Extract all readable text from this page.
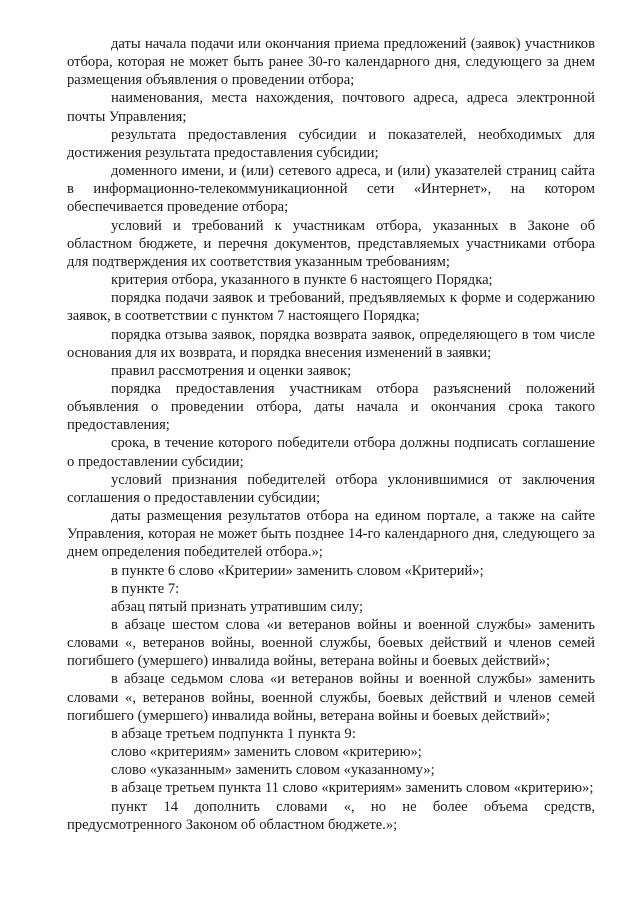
даты начала подачи или окончания приема предложений (заявок) участников отбора, которая не может быть ранее 30-го календарного дня, следующего за днем размещения объявления о проведении отбора;

наименования, места нахождения, почтового адреса, адреса электронной почты Управления;

результата предоставления субсидии и показателей, необходимых для достижения результата предоставления субсидии;

доменного имени, и (или) сетевого адреса, и (или) указателей страниц сайта в информационно-телекоммуникационной сети «Интернет», на котором обеспечивается проведение отбора;

условий и требований к участникам отбора, указанных в Законе об областном бюджете, и перечня документов, представляемых участниками отбора для подтверждения их соответствия указанным требованиям;

критерия отбора, указанного в пункте 6 настоящего Порядка;

порядка подачи заявок и требований, предъявляемых к форме и содержанию заявок, в соответствии с пунктом 7 настоящего Порядка;

порядка отзыва заявок, порядка возврата заявок, определяющего в том числе основания для их возврата, и порядка внесения изменений в заявки;

правил рассмотрения и оценки заявок;

порядка предоставления участникам отбора разъяснений положений объявления о проведении отбора, даты начала и окончания срока такого предоставления;

срока, в течение которого победители отбора должны подписать соглашение о предоставлении субсидии;

условий признания победителей отбора уклонившимися от заключения соглашения о предоставлении субсидии;

даты размещения результатов отбора на едином портале, а также на сайте Управления, которая не может быть позднее 14-го календарного дня, следующего за днем определения победителей отбора.»;

в пункте 6 слово «Критерии» заменить словом «Критерий»;

в пункте 7:

абзац пятый признать утратившим силу;

в абзаце шестом слова «и ветеранов войны и военной службы» заменить словами «, ветеранов войны, военной службы, боевых действий и членов семей погибшего (умершего) инвалида войны, ветерана войны и боевых действий»;

в абзаце седьмом слова «и ветеранов войны и военной службы» заменить словами «, ветеранов войны, военной службы, боевых действий и членов семей погибшего (умершего) инвалида войны, ветерана войны и боевых действий»;

в абзаце третьем подпункта 1 пункта 9:

слово «критериям» заменить словом «критерию»;

слово «указанным» заменить словом «указанному»;

в абзаце третьем пункта 11 слово «критериям» заменить словом «критерию»;

пункт 14 дополнить словами «, но не более объема средств, предусмотренного Законом об областном бюджете.»;
